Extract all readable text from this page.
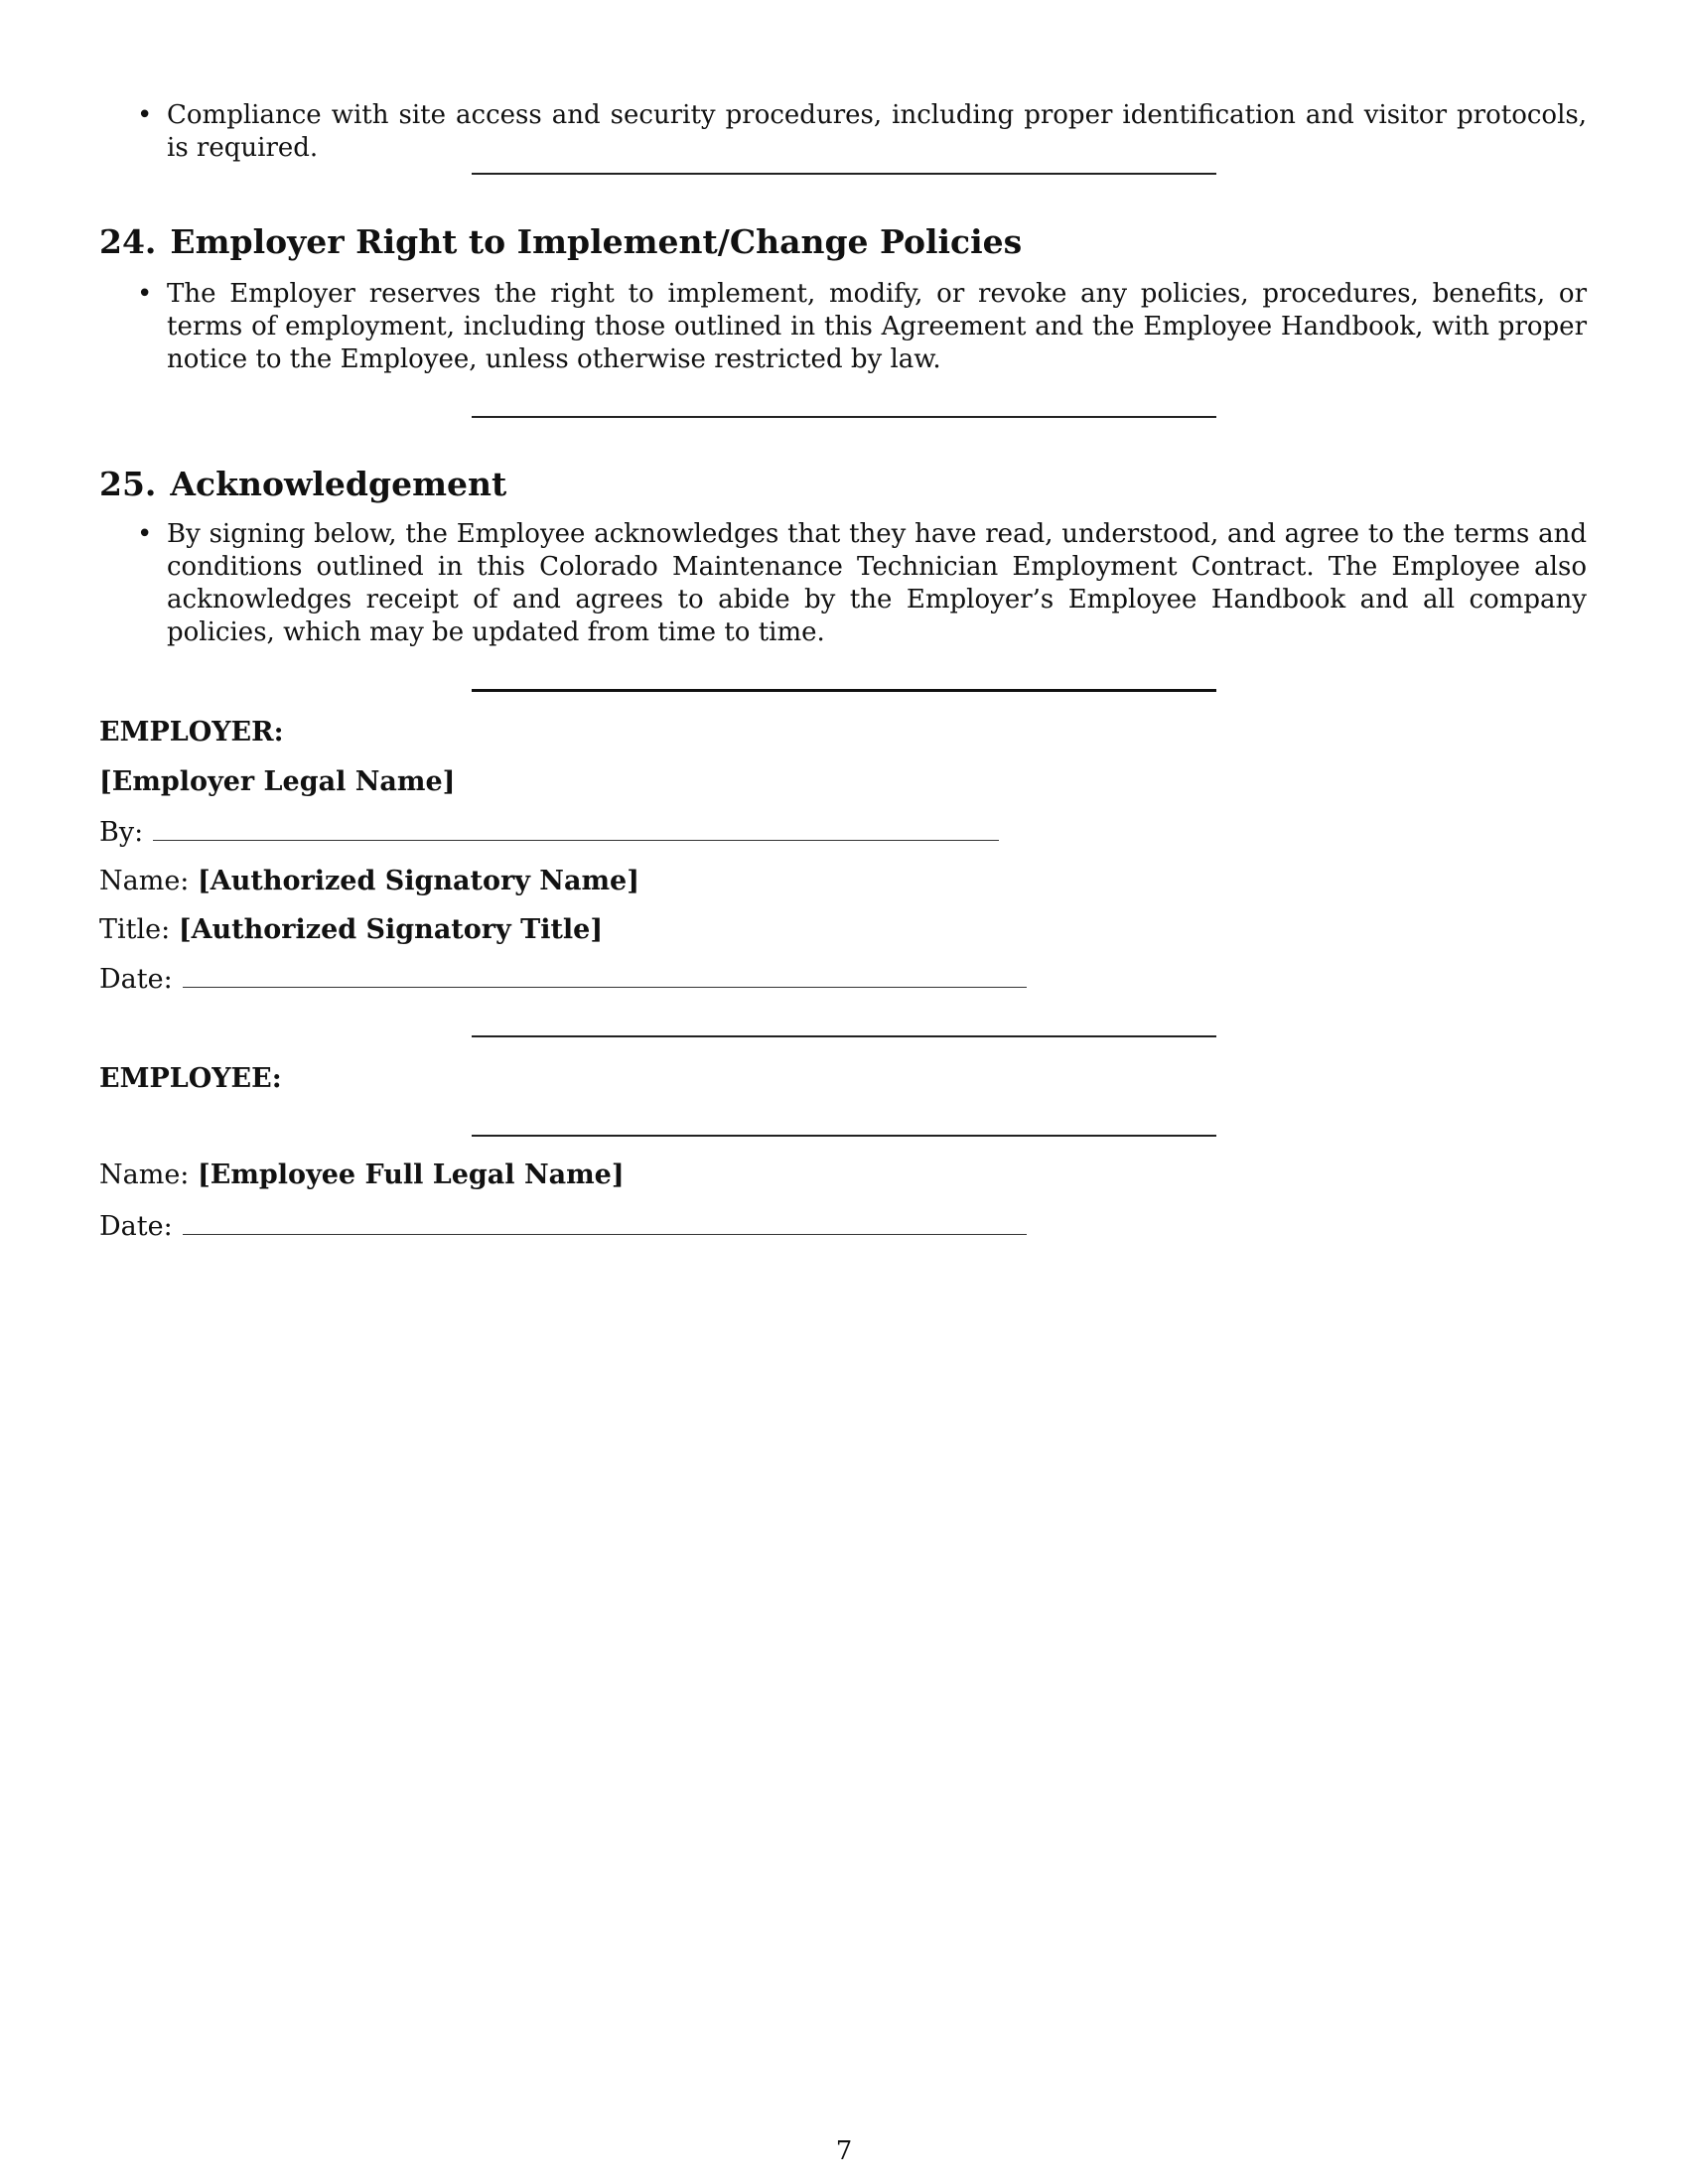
• Compliance with site access and security procedures, including proper identification and visitor protocols, is required.
24. Employer Right to Implement/Change Policies
• The Employer reserves the right to implement, modify, or revoke any policies, procedures, benefits, or terms of employment, including those outlined in this Agreement and the Employee Handbook, with proper notice to the Employee, unless otherwise restricted by law.
25. Acknowledgement
• By signing below, the Employee acknowledges that they have read, understood, and agree to the terms and conditions outlined in this Colorado Maintenance Technician Employment Contract. The Employee also acknowledges receipt of and agrees to abide by the Employer’s Employee Handbook and all company policies, which may be updated from time to time.
EMPLOYER:
[Employer Legal Name]
By:
Name: [Authorized Signatory Name]
Title: [Authorized Signatory Title]
Date:
EMPLOYEE:
Name: [Employee Full Legal Name]
Date:
7
